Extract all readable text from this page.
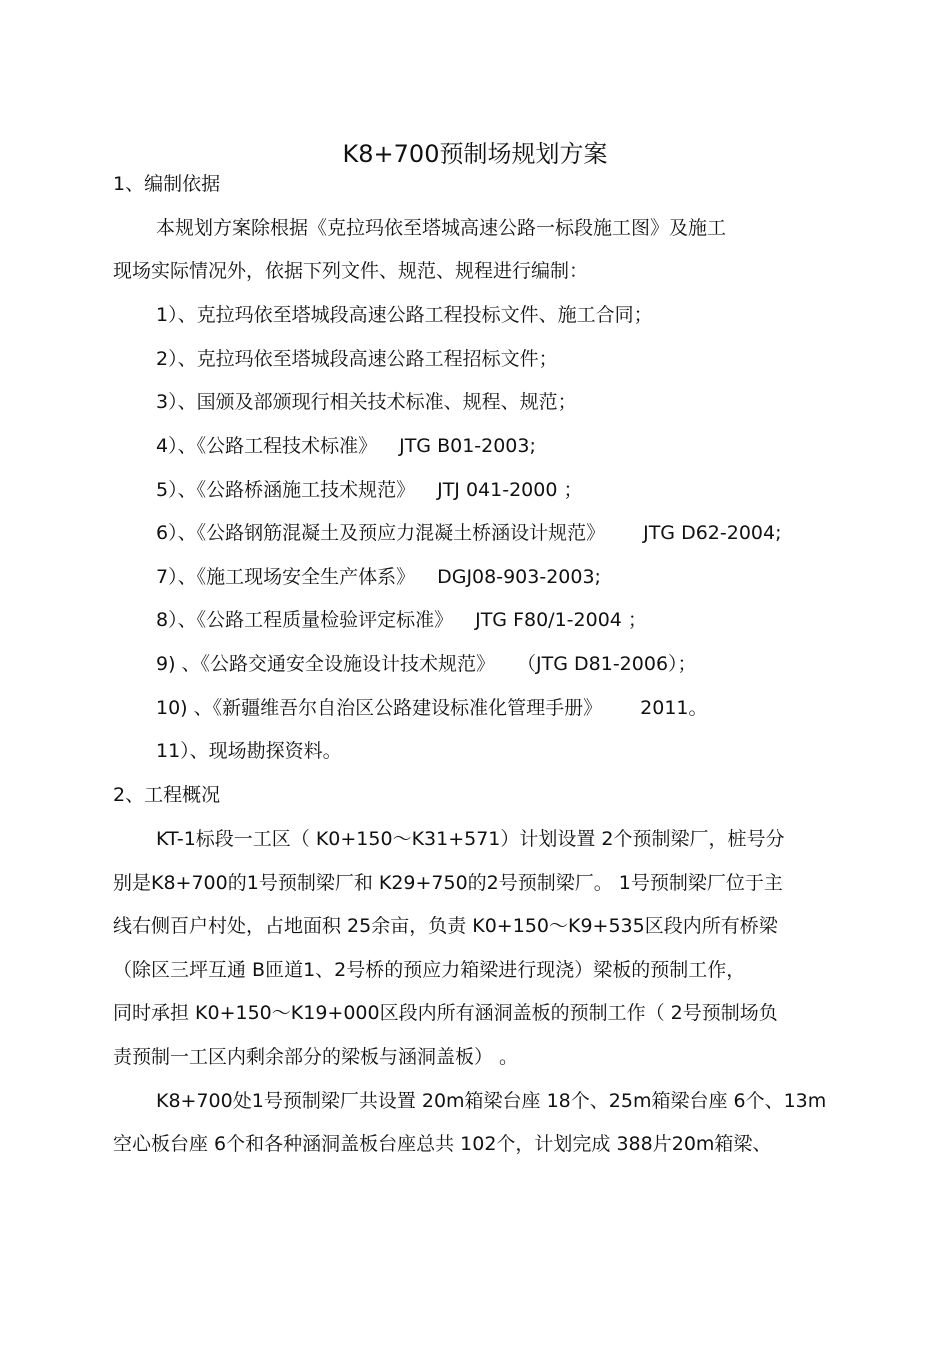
K8+700预制场规划方案
1、编制依据
本规划方案除根据《克拉玛依至塔城高速公路一标段施工图》及施工
现场实际情况外，依据下列文件、规范、规程进行编制：
1）、克拉玛依至塔城段高速公路工程投标文件、施工合同；
2）、克拉玛依至塔城段高速公路工程招标文件；
3）、国颁及部颁现行相关技术标准、规程、规范；
4）、《公路工程技术标准》 JTG B01-2003;
5）、《公路桥涵施工技术规范》 JTJ 041-2000 ；
6）、《公路钢筋混凝土及预应力混凝土桥涵设计规范》 JTG D62-2004;
7）、《施工现场安全生产体系》 DGJ08-903-2003;
8）、《公路工程质量检验评定标准》 JTG F80/1-2004 ；
9) 、《公路交通安全设施设计技术规范》 （JTG D81-2006）；
10) 、《新疆维吾尔自治区公路建设标准化管理手册》 2011。
11）、现场勘探资料。
2、工程概况
KT-1标段一工区（ K0+150～K31+571）计划设置 2个预制梁厂，桩号分
别是K8+700的1号预制梁厂和 K29+750的2号预制梁厂。 1号预制梁厂位于主
线右侧百户村处，占地面积 25余亩，负责 K0+150～K9+535区段内所有桥梁
（除区三坪互通 B匝道1、2号桥的预应力箱梁进行现浇）梁板的预制工作，
同时承担 K0+150～K19+000区段内所有涵洞盖板的预制工作（ 2号预制场负
责预制一工区内剩余部分的梁板与涵洞盖板） 。
K8+700处1号预制梁厂共设置 20m箱梁台座 18个、25m箱梁台座 6个、13m
空心板台座 6个和各种涵洞盖板台座总共 102个，计划完成 388片20m箱梁、
